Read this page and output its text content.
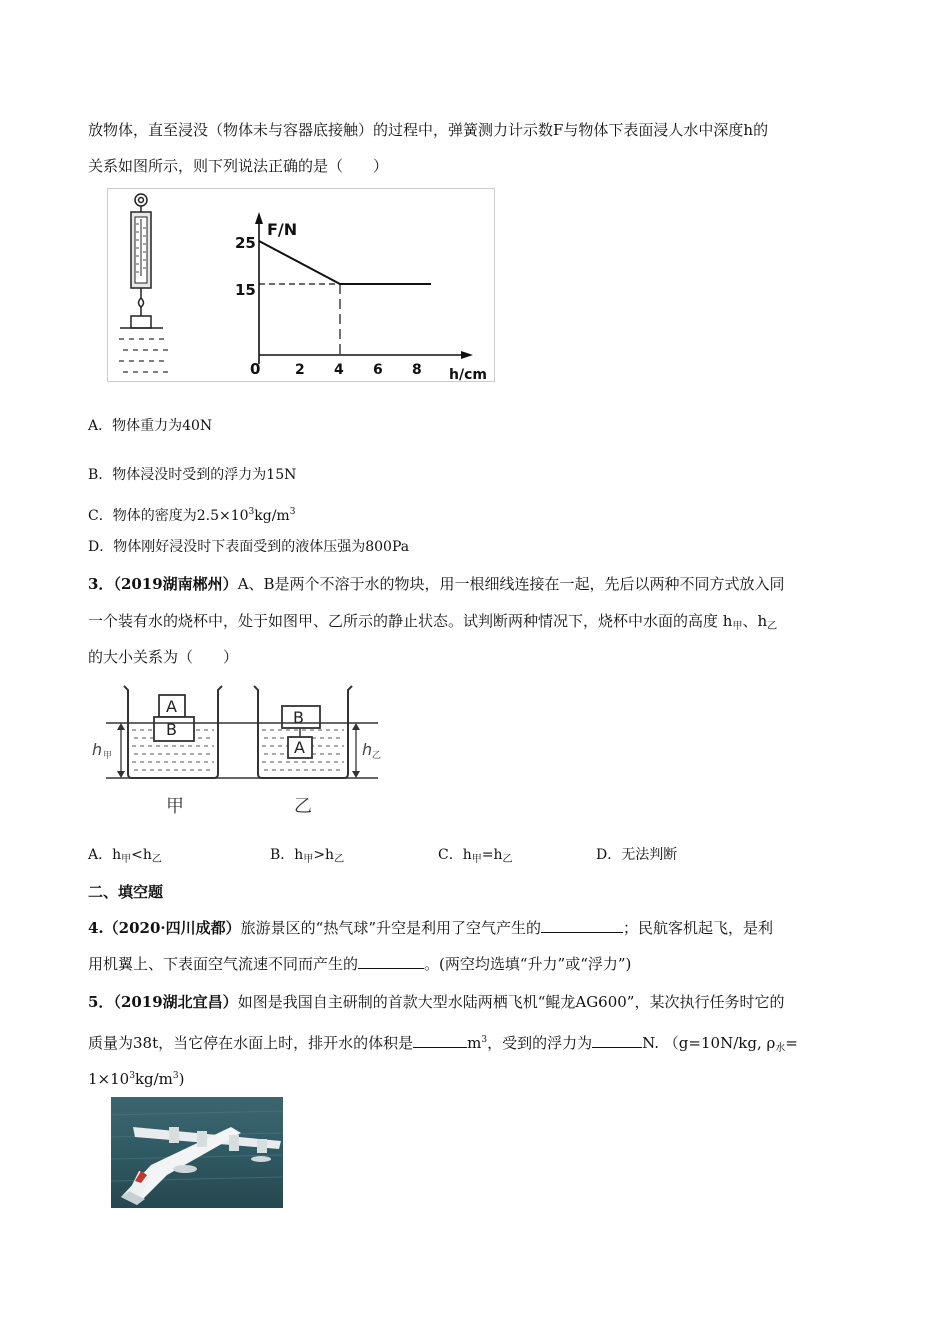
放物体，直至浸没（物体未与容器底接触）的过程中，弹簧测力计示数F与物体下表面浸人水中深度h的
关系如图所示，则下列说法正确的是（　　）
F/N
h/cm
25
15
0 2 4 6 8
A．物体重力为40N
B．物体浸没时受到的浮力为15N
C．物体的密度为$2.5\times 10^3kg/m^3$
D．物体刚好浸没时下表面受到的液体压强为800Pa
3．（2019湖南郴州）A、B是两个不溶于水的物块，用一根细线连接在一起，先后以两种不同方式放入同
一个装有水的烧杯中，处于如图甲、乙所示的静止状态。试判断两种情况下，烧杯中水面的高度 $h_甲$、$h_乙$
的大小关系为（　　）
A
B
h 甲
甲
B
A	h 乙
乙
A．$h_甲<h_乙$	B．$h_甲>h_乙$	C．$h_甲=h_乙$	D．无法判断
二、填空题
4.（2020·四川成都）旅游景区的“热气球”升空是利用了空气产生的	；民航客机起飞，是利
用机翼上、下表面空气流速不同而产生的	。(两空均选填“升力”或“浮力”)
5．（2019湖北宜昌）如图是我国自主研制的首款大型水陆两栖飞机“鲲龙AG600”，某次执行任务时它的
质量为38t，当它停在水面上时，排开水的体积是	$m^3$，受到的浮力为	N. （g=10N/kg, $\rho_水=$
$1\times 10^3kg/m^3$)
